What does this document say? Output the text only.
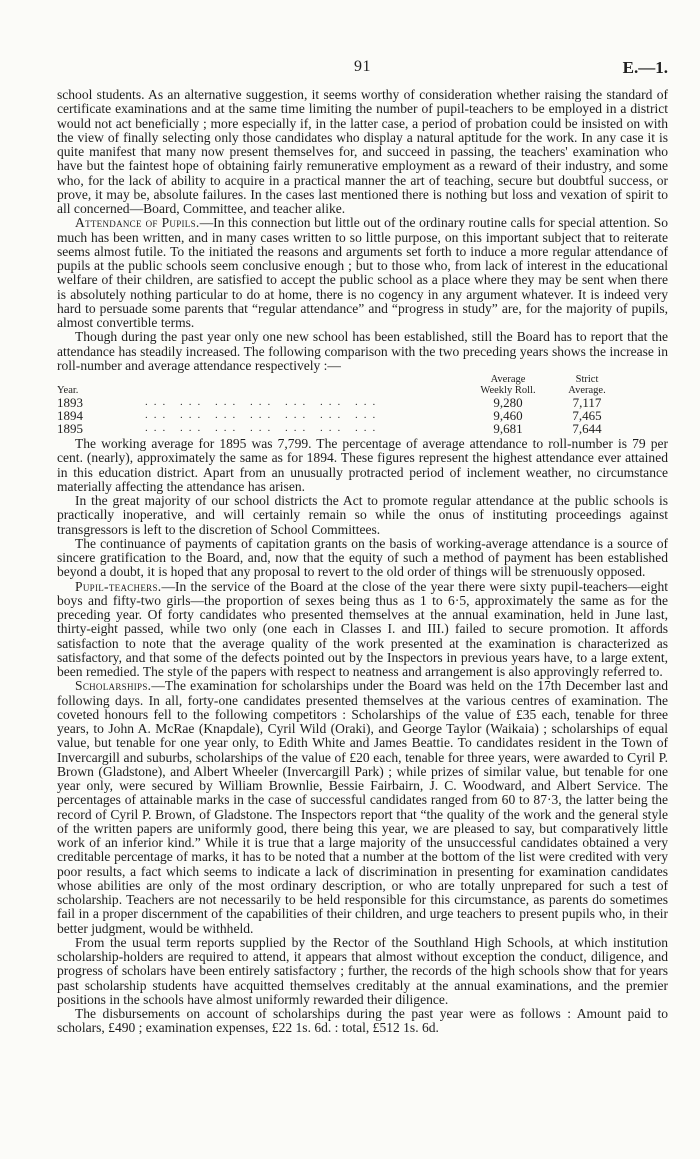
91	E.—1.

school students. As an alternative suggestion, it seems worthy of consideration whether raising the standard of certificate examinations and at the same time limiting the number of pupil-teachers to be employed in a district would not act beneficially ; more especially if, in the latter case, a period of probation could be insisted on with the view of finally selecting only those candidates who display a natural aptitude for the work. In any case it is quite manifest that many now present themselves for, and succeed in passing, the teachers' examination who have but the faintest hope of obtaining fairly remunerative employment as a reward of their industry, and some who, for the lack of ability to acquire in a practical manner the art of teaching, secure but doubtful success, or prove, it may be, absolute failures. In the cases last mentioned there is nothing but loss and vexation of spirit to all concerned—Board, Committee, and teacher alike.

Attendance of Pupils.—In this connection but little out of the ordinary routine calls for special attention. So much has been written, and in many cases written to so little purpose, on this important subject that to reiterate seems almost futile. To the initiated the reasons and arguments set forth to induce a more regular attendance of pupils at the public schools seem conclusive enough ; but to those who, from lack of interest in the educational welfare of their children, are satisfied to accept the public school as a place where they may be sent when there is absolutely nothing particular to do at home, there is no cogency in any argument whatever. It is indeed very hard to persuade some parents that “regular attendance” and “progress in study” are, for the majority of pupils, almost convertible terms.

Though during the past year only one new school has been established, still the Board has to report that the attendance has steadily increased. The following comparison with the two preceding years shows the increase in roll-number and average attendance respectively :—

		Average	Strict
Year.		Weekly Roll.	Average.
1893	... ... ... ... ... ... ...	9,280	7,117
1894	... ... ... ... ... ... ...	9,460	7,465
1895	... ... ... ... ... ... ...	9,681	7,644

The working average for 1895 was 7,799. The percentage of average attendance to roll-number is 79 per cent. (nearly), approximately the same as for 1894. These figures represent the highest attendance ever attained in this education district. Apart from an unusually protracted period of inclement weather, no circumstance materially affecting the attendance has arisen.

In the great majority of our school districts the Act to promote regular attendance at the public schools is practically inoperative, and will certainly remain so while the onus of instituting proceedings against transgressors is left to the discretion of School Committees.

The continuance of payments of capitation grants on the basis of working-average attendance is a source of sincere gratification to the Board, and, now that the equity of such a method of payment has been established beyond a doubt, it is hoped that any proposal to revert to the old order of things will be strenuously opposed.

Pupil-teachers.—In the service of the Board at the close of the year there were sixty pupil-teachers—eight boys and fifty-two girls—the proportion of sexes being thus as 1 to 6·5, approximately the same as for the preceding year. Of forty candidates who presented themselves at the annual examination, held in June last, thirty-eight passed, while two only (one each in Classes I. and III.) failed to secure promotion. It affords satisfaction to note that the average quality of the work presented at the examination is characterized as satisfactory, and that some of the defects pointed out by the Inspectors in previous years have, to a large extent, been remedied. The style of the papers with respect to neatness and arrangement is also approvingly referred to.

Scholarships.—The examination for scholarships under the Board was held on the 17th December last and following days. In all, forty-one candidates presented themselves at the various centres of examination. The coveted honours fell to the following competitors : Scholarships of the value of £35 each, tenable for three years, to John A. McRae (Knapdale), Cyril Wild (Oraki), and George Taylor (Waikaia) ; scholarships of equal value, but tenable for one year only, to Edith White and James Beattie. To candidates resident in the Town of Invercargill and suburbs, scholarships of the value of £20 each, tenable for three years, were awarded to Cyril P. Brown (Gladstone), and Albert Wheeler (Invercargill Park) ; while prizes of similar value, but tenable for one year only, were secured by William Brownlie, Bessie Fairbairn, J. C. Woodward, and Albert Service. The percentages of attainable marks in the case of successful candidates ranged from 60 to 87·3, the latter being the record of Cyril P. Brown, of Gladstone. The Inspectors report that “the quality of the work and the general style of the written papers are uniformly good, there being this year, we are pleased to say, but comparatively little work of an inferior kind.” While it is true that a large majority of the unsuccessful candidates obtained a very creditable percentage of marks, it has to be noted that a number at the bottom of the list were credited with very poor results, a fact which seems to indicate a lack of discrimination in presenting for examination candidates whose abilities are only of the most ordinary description, or who are totally unprepared for such a test of scholarship. Teachers are not necessarily to be held responsible for this circumstance, as parents do sometimes fail in a proper discernment of the capabilities of their children, and urge teachers to present pupils who, in their better judgment, would be withheld.

From the usual term reports supplied by the Rector of the Southland High Schools, at which institution scholarship-holders are required to attend, it appears that almost without exception the conduct, diligence, and progress of scholars have been entirely satisfactory ; further, the records of the high schools show that for years past scholarship students have acquitted themselves creditably at the annual examinations, and the premier positions in the schools have almost uniformly rewarded their diligence.

The disbursements on account of scholarships during the past year were as follows : Amount paid to scholars, £490 ; examination expenses, £22 1s. 6d. : total, £512 1s. 6d.
